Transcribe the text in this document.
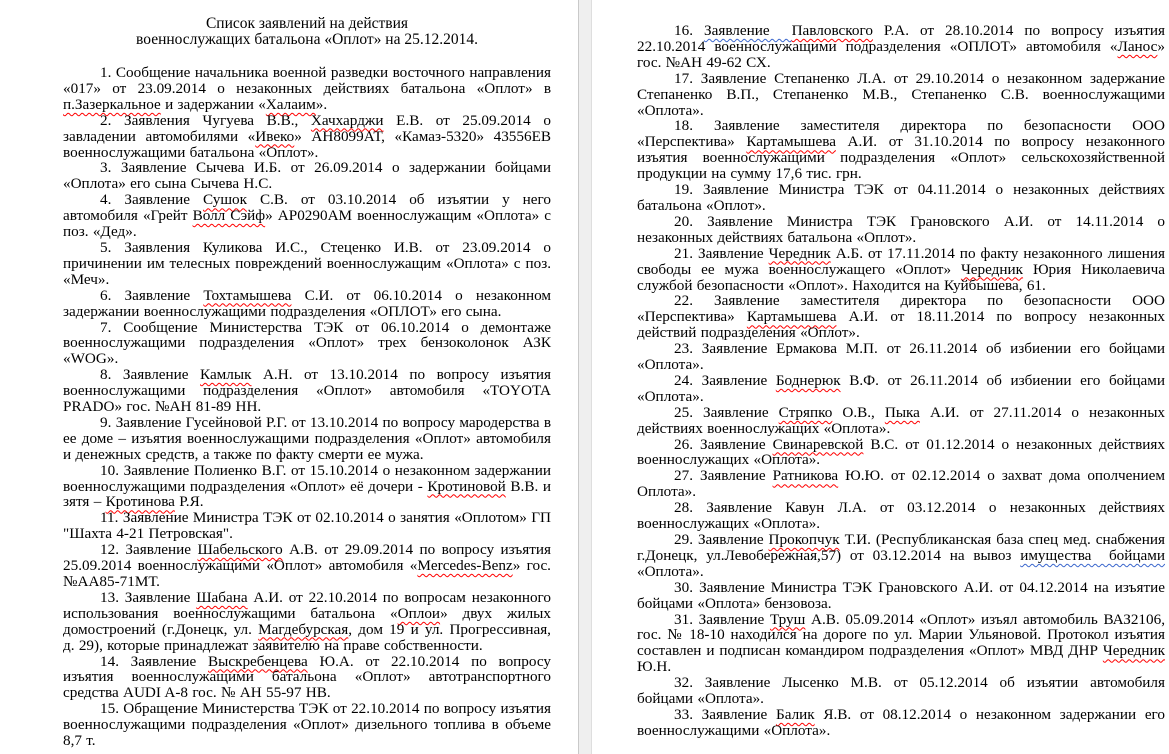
Список заявлений на действия
военнослужащих батальона «Оплот» на 25.12.2014.

1. Сообщение начальника военной разведки восточного направления «017» от 23.09.2014 о незаконных действиях батальона «Оплот» в п.Зазеркальное и задержании «Халаим».

2. Заявления Чугуева В.В., Хачхарджи Е.В. от 25.09.2014 о завладении автомобилями «Ивеко» АН8099АТ, «Камаз-5320» 43556ЕВ военнослужащими батальона «Оплот».

3. Заявление Сычева И.Б. от 26.09.2014 о задержании бойцами «Оплота» его сына Сычева Н.С.

4. Заявление Сушок С.В. от 03.10.2014 об изъятии у него автомобиля «Грейт Волл Сэйф» АР0290АМ военнослужащим «Оплота» с поз. «Дед».

5. Заявления Куликова И.С., Стеценко И.В. от 23.09.2014 о причинении им телесных повреждений военнослужащим «Оплота» с поз. «Меч».

6. Заявление Тохтамышева С.И. от 06.10.2014 о незаконном задержании военнослужащими подразделения «ОПЛОТ» его сына.

7. Сообщение Министерства ТЭК от 06.10.2014 о демонтаже военнослужащими подразделения «Оплот» трех бензоколонок АЗК «WOG».

8. Заявление Камлык А.Н. от 13.10.2014 по вопросу изъятия военнослужащими подразделения «Оплот» автомобиля «TOYOTA PRADO» гос. №АН 81-89 НН.

9. Заявление Гусейновой Р.Г. от 13.10.2014 по вопросу мародерства в ее доме – изъятия военнослужащими подразделения «Оплот» автомобиля и денежных средств, а также по факту смерти ее мужа.

10. Заявление Полиенко В.Г. от 15.10.2014 о незаконном задержании военнослужащими подразделения «Оплот» её дочери - Кротиновой В.В. и зятя – Кротинова Р.Я.

11. Заявление Министра ТЭК от 02.10.2014 о занятия «Оплотом» ГП "Шахта 4-21 Петровская".

12. Заявление Шабельского А.В. от 29.09.2014 по вопросу изъятия 25.09.2014 военнослужащими «Оплот» автомобиля «Mercedes-Benz» гос. №АА85-71МТ.

13. Заявление Шабана А.И. от 22.10.2014 по вопросам незаконного использования военнослужащими батальона «Оплои» двух жилых домостроений (г.Донецк, ул. Магдебурская, дом 19 и ул. Прогрессивная, д. 29), которые принадлежат заявителю на праве собственности.

14. Заявление Выскребенцева Ю.А. от 22.10.2014 по вопросу изъятия военнослужащими батальона «Оплот» автотранспортного средства AUDI A-8 гос. № АН 55-97 НВ.

15. Обращение Министерства ТЭК от 22.10.2014 по вопросу изъятия военнослужащими подразделения «Оплот» дизельного топлива в объеме 8,7 т.

16. Заявление  Павловского Р.А. от 28.10.2014 по вопросу изъятия 22.10.2014 военнослужащими подразделения «ОПЛОТ» автомобиля «Ланос» гос. №АН 49-62 СХ.

17. Заявление Степаненко Л.А. от 29.10.2014 о незаконном задержание Степаненко В.П., Степаненко М.В., Степаненко С.В. военнослужащими «Оплота».

18. Заявление заместителя директора по безопасности ООО «Перспектива» Картамышева А.И. от 31.10.2014 по вопросу незаконного изъятия военнослужащими подразделения «Оплот» сельскохозяйственной продукции на сумму 17,6 тис. грн.

19. Заявление Министра ТЭК от 04.11.2014 о незаконных действиях батальона «Оплот».

20. Заявление Министра ТЭК Грановского А.И. от 14.11.2014 о незаконных действиях батальона «Оплот».

21. Заявление Чередник А.Б. от 17.11.2014 по факту незаконного лишения свободы ее мужа военнослужащего «Оплот» Чередник Юрия Николаевича службой безопасности «Оплот». Находится на Куйбышева, 61.

22. Заявление заместителя директора по безопасности ООО «Перспектива» Картамышева А.И. от 18.11.2014 по вопросу незаконных действий подразделения «Оплот».

23. Заявление Ермакова М.П. от 26.11.2014 об избиении его бойцами «Оплота».

24. Заявление Боднерюк В.Ф. от 26.11.2014 об избиении его бойцами «Оплота».

25. Заявление Стряпко О.В., Пыка А.И. от 27.11.2014 о незаконных действиях военнослужащих «Оплота».

26. Заявление Свинаревской В.С. от 01.12.2014 о незаконных действиях военнослужащих «Оплота».

27. Заявление Ратникова Ю.Ю. от 02.12.2014 о захват дома ополчением Оплота».

28. Заявление Кавун Л.А. от 03.12.2014 о незаконных действиях военнослужащих «Оплота».

29. Заявление Прокопчук Т.И. (Республиканская база спец мед. снабжения г.Донецк, ул.Левобережная,57) от 03.12.2014 на вывоз имущества  бойцами «Оплота».

30. Заявление Министра ТЭК Грановского А.И. от 04.12.2014 на изъятие бойцами «Оплота» бензовоза.

31. Заявление Труш А.В. 05.09.2014 «Оплот» изъял автомобиль ВАЗ2106, гос. № 18-10 находился на дороге по ул. Марии Ульяновой. Протокол изъятия составлен и подписан командиром подразделения «Оплот» МВД ДНР Чередник Ю.Н.

32. Заявление Лысенко М.В. от 05.12.2014 об изъятии автомобиля бойцами «Оплота».

33. Заявление Балик Я.В. от 08.12.2014 о незаконном задержании его военнослужащими «Оплота».
